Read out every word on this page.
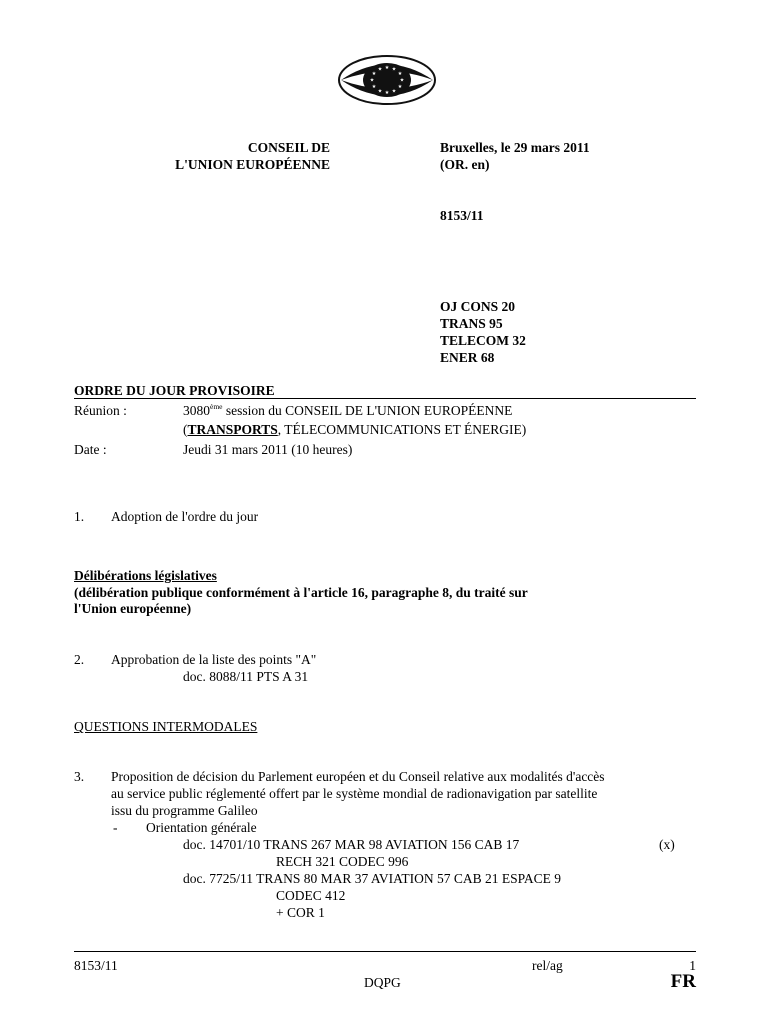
★ ★
★
★
★
★
★
★
★
★
★
★
CONSEIL DE
L'UNION EUROPÉENNE
Bruxelles, le 29 mars 2011
(OR. en)
8153/11
OJ CONS 20
TRANS 95
TELECOM 32
ENER 68
ORDRE DU JOUR PROVISOIRE
Réunion :	3080ème session du CONSEIL DE L'UNION EUROPÉENNE
(TRANSPORTS, TÉLECOMMUNICATIONS ET ÉNERGIE)
Date :	Jeudi 31 mars 2011 (10 heures)
1. Adoption de l'ordre du jour
Délibérations législatives
(délibération publique conformément à l'article 16, paragraphe 8, du traité sur
l'Union européenne)
2. Approbation de la liste des points "A"
doc. 8088/11 PTS A 31
QUESTIONS INTERMODALES
3. Proposition de décision du Parlement européen et du Conseil relative aux modalités d'accès
au service public réglementé offert par le système mondial de radionavigation par satellite
issu du programme Galileo
- Orientation générale
doc. 14701/10 TRANS 267 MAR 98 AVIATION 156 CAB 17	(x)
RECH 321 CODEC 996
doc. 7725/11 TRANS 80 MAR 37 AVIATION 57 CAB 21 ESPACE 9
CODEC 412
+ COR 1
8153/11	rel/ag	1
DQPG	FR
